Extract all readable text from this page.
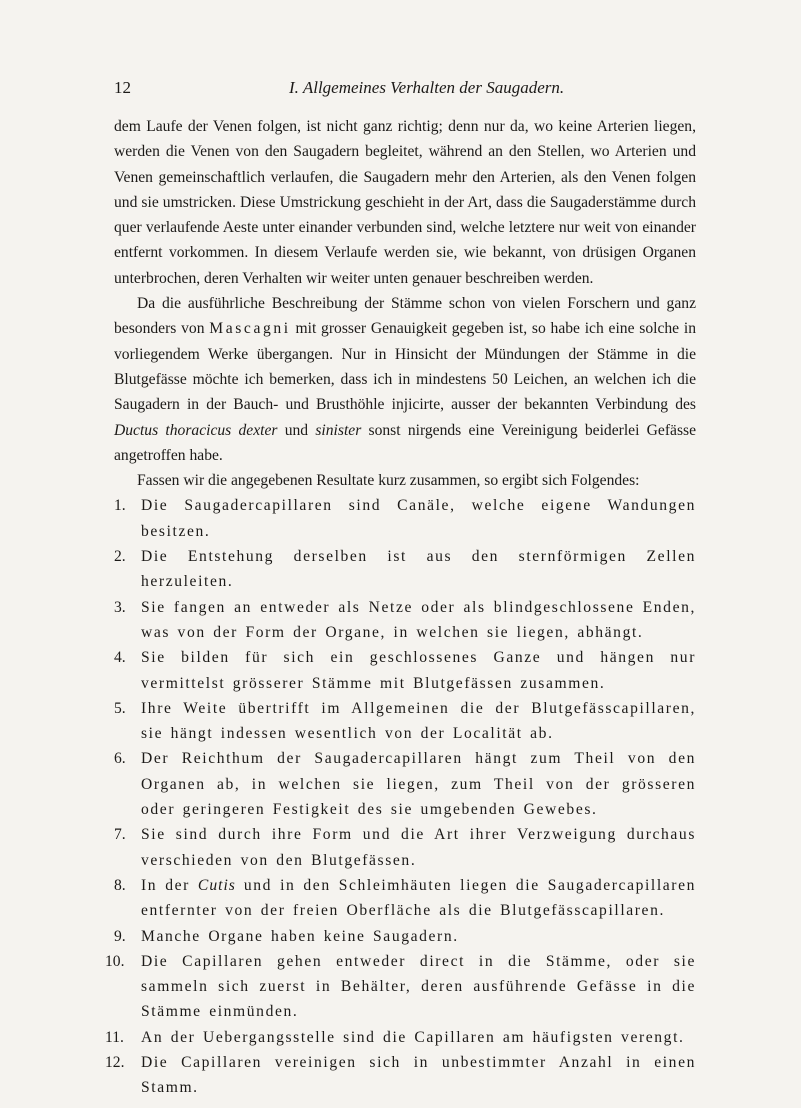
12	I. Allgemeines Verhalten der Saugadern.

dem Laufe der Venen folgen, ist nicht ganz richtig; denn nur da, wo keine Arterien liegen, werden die Venen von den Saugadern begleitet, während an den Stellen, wo Arterien und Venen gemeinschaftlich verlaufen, die Saugadern mehr den Arterien, als den Venen folgen und sie umstricken. Diese Umstrickung geschieht in der Art, dass die Saugaderstämme durch quer verlaufende Aeste unter einander verbunden sind, welche letztere nur weit von einander entfernt vorkommen. In diesem Verlaufe werden sie, wie bekannt, von drüsigen Organen unterbrochen, deren Verhalten wir weiter unten genauer beschreiben werden.

Da die ausführliche Beschreibung der Stämme schon von vielen Forschern und ganz besonders von Mascagni mit grosser Genauigkeit gegeben ist, so habe ich eine solche in vorliegendem Werke übergangen. Nur in Hinsicht der Mündungen der Stämme in die Blutgefässe möchte ich bemerken, dass ich in mindestens 50 Leichen, an welchen ich die Saugadern in der Bauch- und Brusthöhle injicirte, ausser der bekannten Verbindung des Ductus thoracicus dexter und sinister sonst nirgends eine Vereinigung beiderlei Gefässe angetroffen habe.

Fassen wir die angegebenen Resultate kurz zusammen, so ergibt sich Folgendes:

1. Die Saugadercapillaren sind Canäle, welche eigene Wandungen besitzen.
2. Die Entstehung derselben ist aus den sternförmigen Zellen herzuleiten.
3. Sie fangen an entweder als Netze oder als blindgeschlossene Enden, was von der Form der Organe, in welchen sie liegen, abhängt.
4. Sie bilden für sich ein geschlossenes Ganze und hängen nur vermittelst grösserer Stämme mit Blutgefässen zusammen.
5. Ihre Weite übertrifft im Allgemeinen die der Blutgefässcapillaren, sie hängt indessen wesentlich von der Localität ab.
6. Der Reichthum der Saugadercapillaren hängt zum Theil von den Organen ab, in welchen sie liegen, zum Theil von der grösseren oder geringeren Festigkeit des sie umgebenden Gewebes.
7. Sie sind durch ihre Form und die Art ihrer Verzweigung durchaus verschieden von den Blutgefässen.
8. In der Cutis und in den Schleimhäuten liegen die Saugadercapillaren entfernter von der freien Oberfläche als die Blutgefässcapillaren.
9. Manche Organe haben keine Saugadern.
10. Die Capillaren gehen entweder direct in die Stämme, oder sie sammeln sich zuerst in Behälter, deren ausführende Gefässe in die Stämme einmünden.
11. An der Uebergangsstelle sind die Capillaren am häufigsten verengt.
12. Die Capillaren vereinigen sich in unbestimmter Anzahl in einen Stamm.
